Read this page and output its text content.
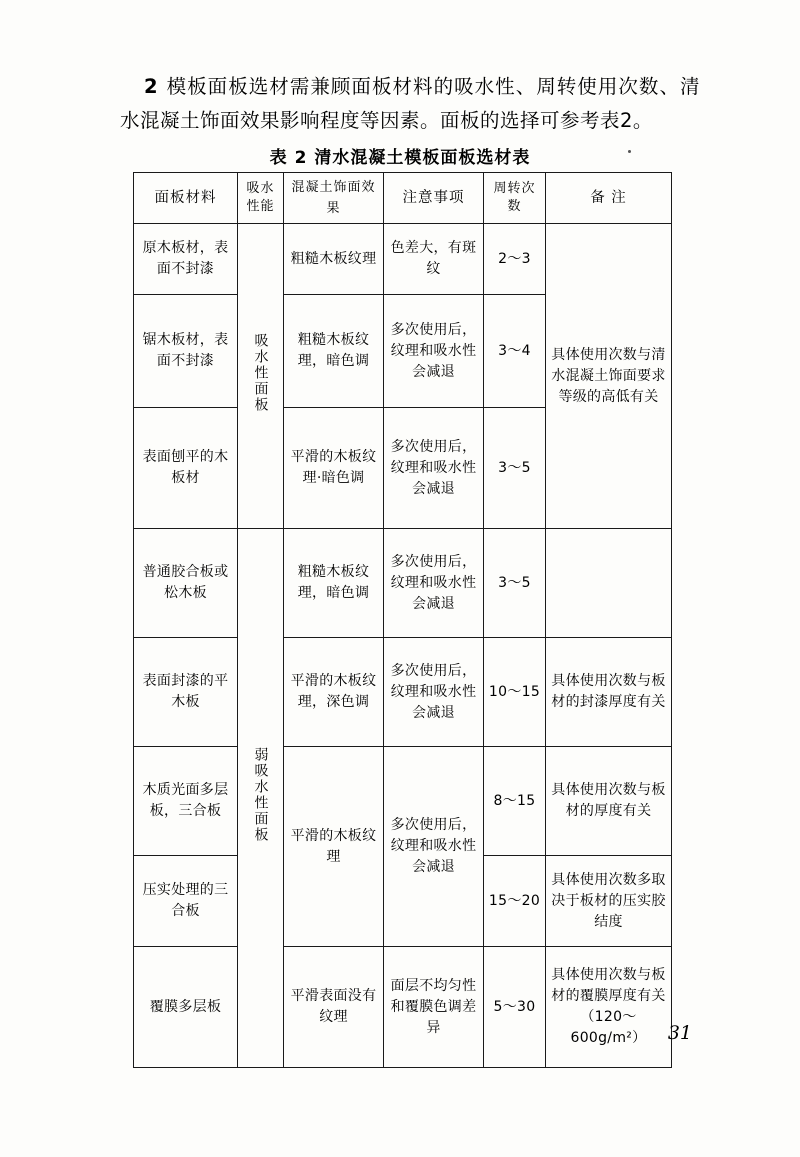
2 模板面板选材需兼顾面板材料的吸水性、周转使用次数、清水混凝土饰面效果影响程度等因素。面板的选择可参考表2。
表 2 清水混凝土模板面板选材表
面板材料	吸水性能	混凝土饰面效果	注意事项	周转次数	备 注
原木板材，表面不封漆	吸水性面板	粗糙木板纹理	色差大，有斑纹	2～3	具体使用次数与清水混凝土饰面要求等级的高低有关
锯木板材，表面不封漆		粗糙木板纹理，暗色调	多次使用后，纹理和吸水性会减退	3～4	
表面刨平的木板材		平滑的木板纹理·暗色调	多次使用后，纹理和吸水性会减退	3～5	
普通胶合板或松木板	弱吸水性面板	粗糙木板纹理，暗色调	多次使用后，纹理和吸水性会减退	3～5	
表面封漆的平木板		平滑的木板纹理，深色调	多次使用后，纹理和吸水性会减退	10～15	具体使用次数与板材的封漆厚度有关
木质光面多层板，三合板		平滑的木板纹理	多次使用后，纹理和吸水性会减退	8～15	具体使用次数与板材的厚度有关
压实处理的三合板				15～20	具体使用次数多取决于板材的压实胶结度
覆膜多层板		平滑表面没有纹理	面层不均匀性和覆膜色调差异	5～30	具体使用次数与板材的覆膜厚度有关（120～600g/m²） 31
